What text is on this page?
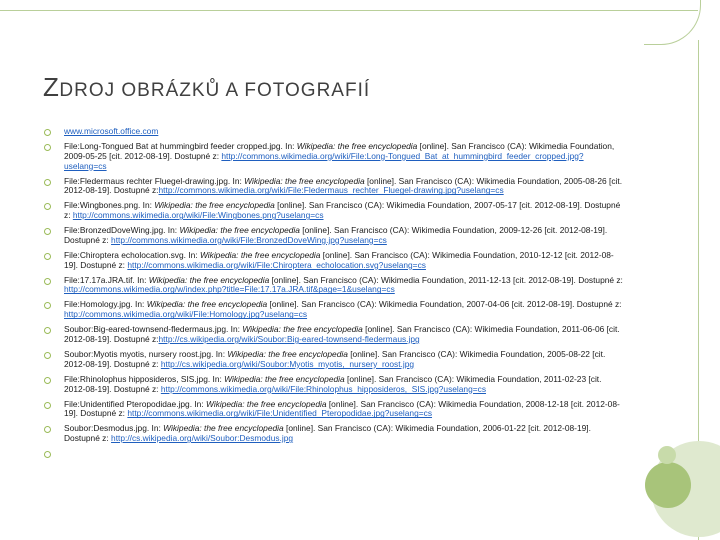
ZDROJ OBRÁZKŮ A FOTOGRAFIÍ
www.microsoft.office.com
File:Long-Tongued Bat at hummingbird feeder cropped.jpg. In: Wikipedia: the free encyclopedia [online]. San Francisco (CA): Wikimedia Foundation, 2009-05-25 [cit. 2012-08-19]. Dostupné z: http://commons.wikimedia.org/wiki/File:Long-Tongued_Bat_at_hummingbird_feeder_cropped.jpg?uselang=cs
File:Fledermaus rechter Fluegel-drawing.jpg. In: Wikipedia: the free encyclopedia [online]. San Francisco (CA): Wikimedia Foundation, 2005-08-26 [cit. 2012-08-19]. Dostupné z:http://commons.wikimedia.org/wiki/File:Fledermaus_rechter_Fluegel-drawing.jpg?uselang=cs
File:Wingbones.png. In: Wikipedia: the free encyclopedia [online]. San Francisco (CA): Wikimedia Foundation, 2007-05-17 [cit. 2012-08-19]. Dostupné z: http://commons.wikimedia.org/wiki/File:Wingbones.png?uselang=cs
File:BronzedDoveWing.jpg. In: Wikipedia: the free encyclopedia [online]. San Francisco (CA): Wikimedia Foundation, 2009-12-26 [cit. 2012-08-19]. Dostupné z: http://commons.wikimedia.org/wiki/File:BronzedDoveWing.jpg?uselang=cs
File:Chiroptera echolocation.svg. In: Wikipedia: the free encyclopedia [online]. San Francisco (CA): Wikimedia Foundation, 2010-12-12 [cit. 2012-08-19]. Dostupné z: http://commons.wikimedia.org/wiki/File:Chiroptera_echolocation.svg?uselang=cs
File:17.17a.JRA.tif. In: Wikipedia: the free encyclopedia [online]. San Francisco (CA): Wikimedia Foundation, 2011-12-13 [cit. 2012-08-19]. Dostupné z: http://commons.wikimedia.org/w/index.php?title=File:17.17a.JRA.tif&page=1&uselang=cs
File:Homology.jpg. In: Wikipedia: the free encyclopedia [online]. San Francisco (CA): Wikimedia Foundation, 2007-04-06 [cit. 2012-08-19]. Dostupné z: http://commons.wikimedia.org/wiki/File:Homology.jpg?uselang=cs
Soubor:Big-eared-townsend-fledermaus.jpg. In: Wikipedia: the free encyclopedia [online]. San Francisco (CA): Wikimedia Foundation, 2011-06-06 [cit. 2012-08-19]. Dostupné z:http://cs.wikipedia.org/wiki/Soubor:Big-eared-townsend-fledermaus.jpg
Soubor:Myotis myotis, nursery roost.jpg. In: Wikipedia: the free encyclopedia [online]. San Francisco (CA): Wikimedia Foundation, 2005-08-22 [cit. 2012-08-19]. Dostupné z: http://cs.wikipedia.org/wiki/Soubor:Myotis_myotis,_nursery_roost.jpg
File:Rhinolophus hipposideros, SIS.jpg. In: Wikipedia: the free encyclopedia [online]. San Francisco (CA): Wikimedia Foundation, 2011-02-23 [cit. 2012-08-19]. Dostupné z: http://commons.wikimedia.org/wiki/File:Rhinolophus_hipposideros,_SIS.jpg?uselang=cs
File:Unidentified Pteropodidae.jpg. In: Wikipedia: the free encyclopedia [online]. San Francisco (CA): Wikimedia Foundation, 2008-12-18 [cit. 2012-08-19]. Dostupné z: http://commons.wikimedia.org/wiki/File:Unidentified_Pteropodidae.jpg?uselang=cs
Soubor:Desmodus.jpg. In: Wikipedia: the free encyclopedia [online]. San Francisco (CA): Wikimedia Foundation, 2006-01-22 [cit. 2012-08-19]. Dostupné z: http://cs.wikipedia.org/wiki/Soubor:Desmodus.jpg
